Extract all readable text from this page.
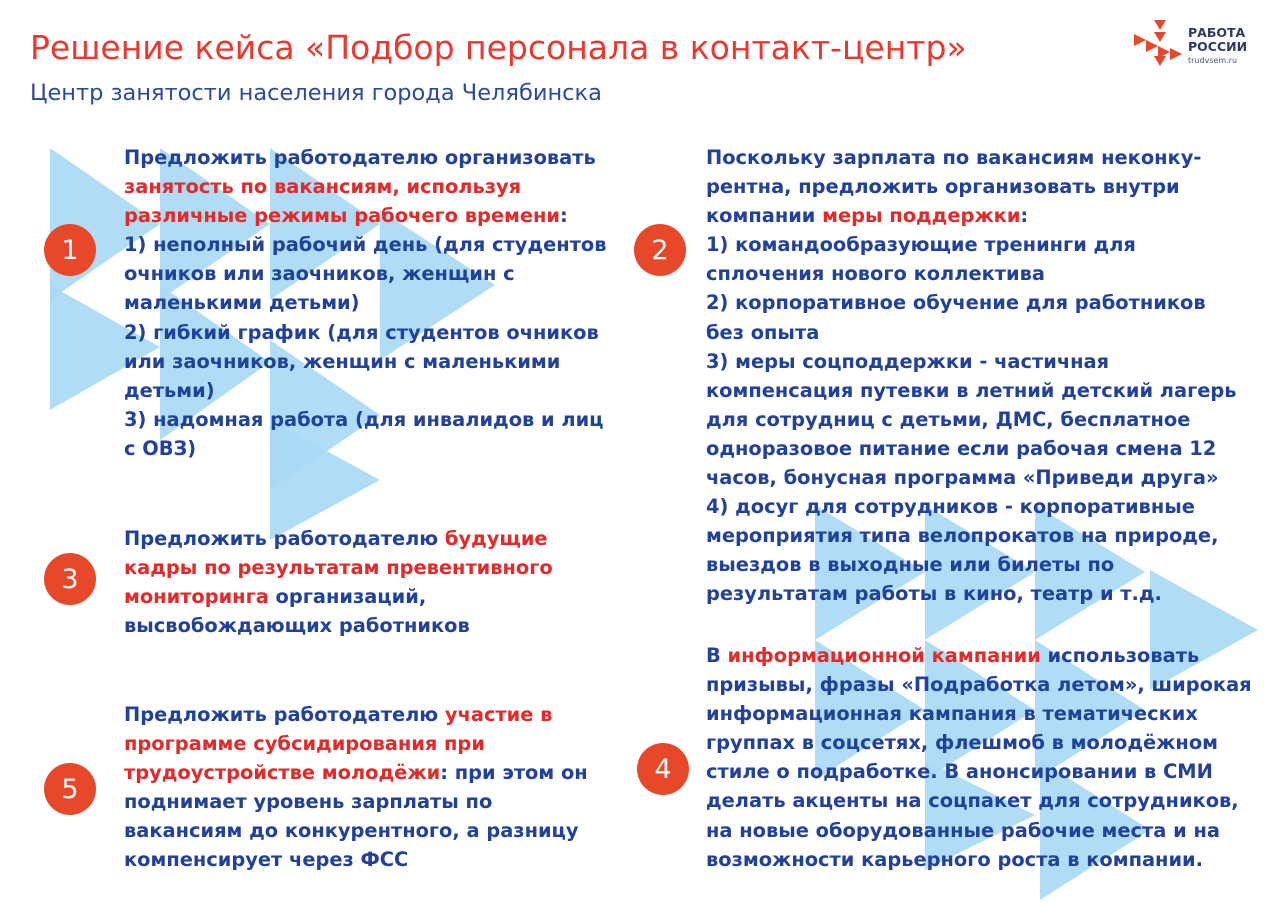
Решение кейса «Подбор персонала в контакт-центр»
Центр занятости населения города Челябинска
РАБОТА
РОССИИ
trudvsem.ru
1	2
3
4
5
Предложить работодателю организовать
занятость по вакансиям, используя
различные режимы рабочего времени:
1) неполный рабочий день (для студентов
очников или заочников, женщин с
маленькими детьми)
2) гибкий график (для студентов очников
или заочников, женщин с маленькими
детьми)
3) надомная работа (для инвалидов и лиц
с ОВЗ)
Поскольку зарплата по вакансиям неконку-
рентна, предложить организовать внутри
компании меры поддержки:
1) командообразующие тренинги для
сплочения нового коллектива
2) корпоративное обучение для работников
без опыта
3) меры соцподдержки - частичная
компенсация путевки в летний детский лагерь
для сотрудниц с детьми, ДМС, бесплатное
одноразовое питание если рабочая смена 12
часов, бонусная программа «Приведи друга»
4) досуг для сотрудников - корпоративные
мероприятия типа велопрокатов на природе,
выездов в выходные или билеты по
результатам работы в кино, театр и т.д.
Предложить работодателю будущие
кадры по результатам превентивного
мониторинга организаций,
высвобождающих работников
В информационной кампании использовать
призывы, фразы «Подработка летом», широкая
информационная кампания в тематических
группах в соцсетях, флешмоб в молодёжном
стиле о подработке. В анонсировании в СМИ
делать акценты на соцпакет для сотрудников,
на новые оборудованные рабочие места и на
возможности карьерного роста в компании.
Предложить работодателю участие в
программе субсидирования при
трудоустройстве молодёжи: при этом он
поднимает уровень зарплаты по
вакансиям до конкурентного, а разницу
компенсирует через ФСС
